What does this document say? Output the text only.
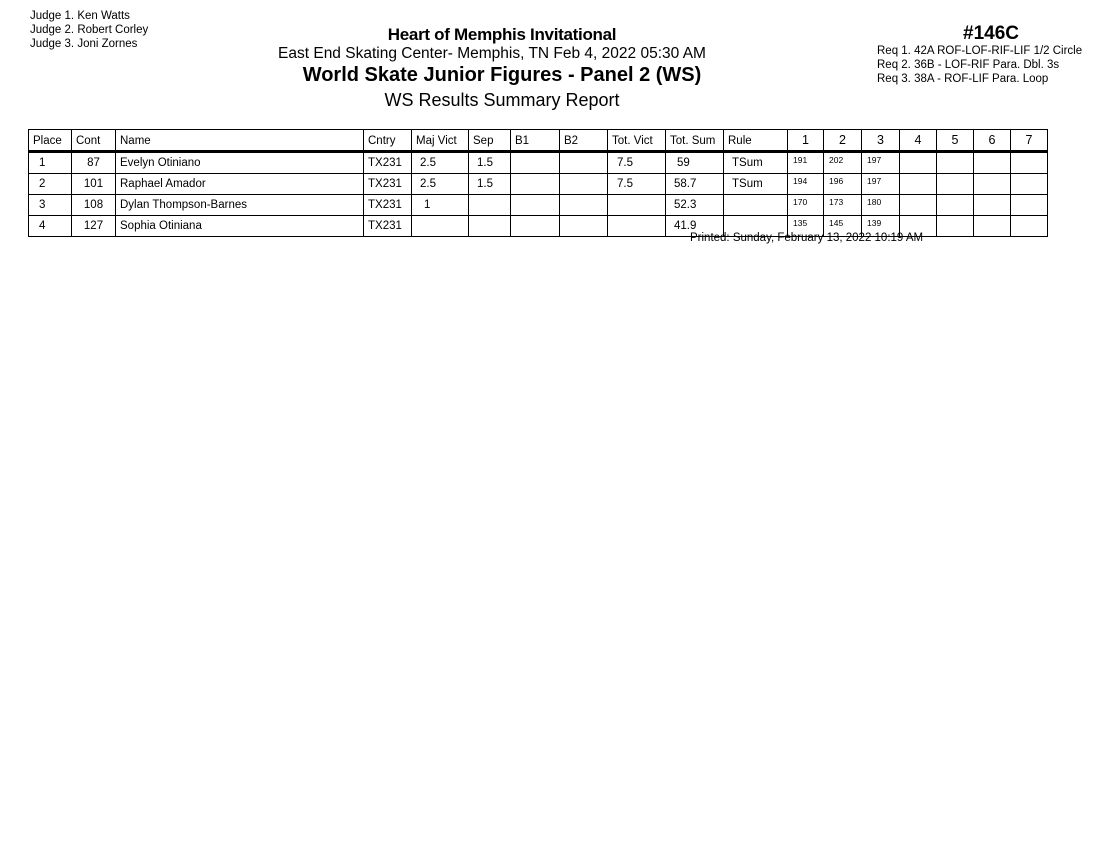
Judge 1. Ken Watts
Judge 2. Robert Corley
Judge 3. Joni Zornes	Heart of Memphis Invitational
East End Skating Center- Memphis, TN Feb 4, 2022 05:30 AM
World Skate Junior Figures - Panel 2 (WS)
WS Results Summary Report
#146C
Req 1. 42A ROF-LOF-RIF-LIF 1/2 Circle
Req 2. 36B - LOF-RIF Para. Dbl. 3s
Req 3. 38A - ROF-LIF Para. Loop
Place	Cont	Name	Cntry	Maj Vict	Sep	B1	B2	Tot. Vict	Tot. Sum	Rule	1	2	3	4	5	6	7
1	87	Evelyn Otiniano	TX231	2.5	1.5			7.5	59	TSum	191	202	197				
2	101	Raphael Amador	TX231	2.5	1.5			7.5	58.7	TSum	194	196	197				
3	108	Dylan Thompson-Barnes	TX231	1					52.3		170	173	180				
4	127	Sophia Otiniana	TX231						41.9		135	145	139				
Printed: Sunday, February 13, 2022 10:19 AM
